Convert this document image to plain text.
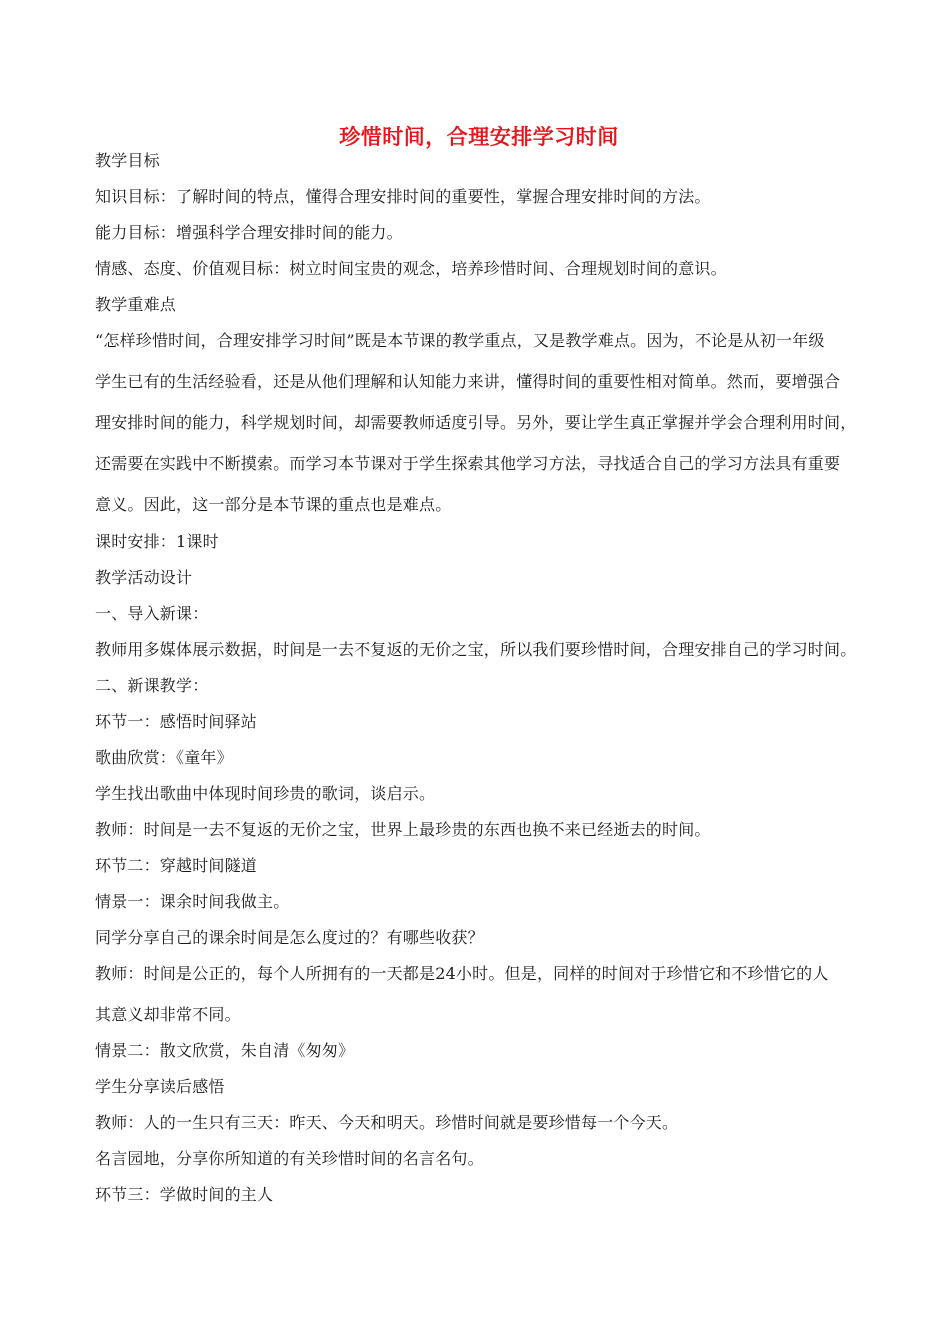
珍惜时间，合理安排学习时间
教学目标
知识目标：了解时间的特点，懂得合理安排时间的重要性，掌握合理安排时间的方法。
能力目标：增强科学合理安排时间的能力。
情感、态度、价值观目标：树立时间宝贵的观念，培养珍惜时间、合理规划时间的意识。
教学重难点
“怎样珍惜时间，合理安排学习时间”既是本节课的教学重点，又是教学难点。因为，不论是从初一年级
学生已有的生活经验看，还是从他们理解和认知能力来讲，懂得时间的重要性相对简单。然而，要增强合
理安排时间的能力，科学规划时间，却需要教师适度引导。另外，要让学生真正掌握并学会合理利用时间，
还需要在实践中不断摸索。而学习本节课对于学生探索其他学习方法，寻找适合自己的学习方法具有重要
意义。因此，这一部分是本节课的重点也是难点。
课时安排：1课时
教学活动设计
一、导入新课：
教师用多媒体展示数据，时间是一去不复返的无价之宝，所以我们要珍惜时间，合理安排自己的学习时间。
二、新课教学：
环节一：感悟时间驿站
歌曲欣赏：《童年》
学生找出歌曲中体现时间珍贵的歌词，谈启示。
教师：时间是一去不复返的无价之宝，世界上最珍贵的东西也换不来已经逝去的时间。
环节二：穿越时间隧道
情景一：课余时间我做主。
同学分享自己的课余时间是怎么度过的？有哪些收获？
教师：时间是公正的，每个人所拥有的一天都是24小时。但是，同样的时间对于珍惜它和不珍惜它的人
其意义却非常不同。
情景二：散文欣赏，朱自清《匆匆》
学生分享读后感悟
教师：人的一生只有三天：昨天、今天和明天。珍惜时间就是要珍惜每一个今天。
名言园地，分享你所知道的有关珍惜时间的名言名句。
环节三：学做时间的主人
